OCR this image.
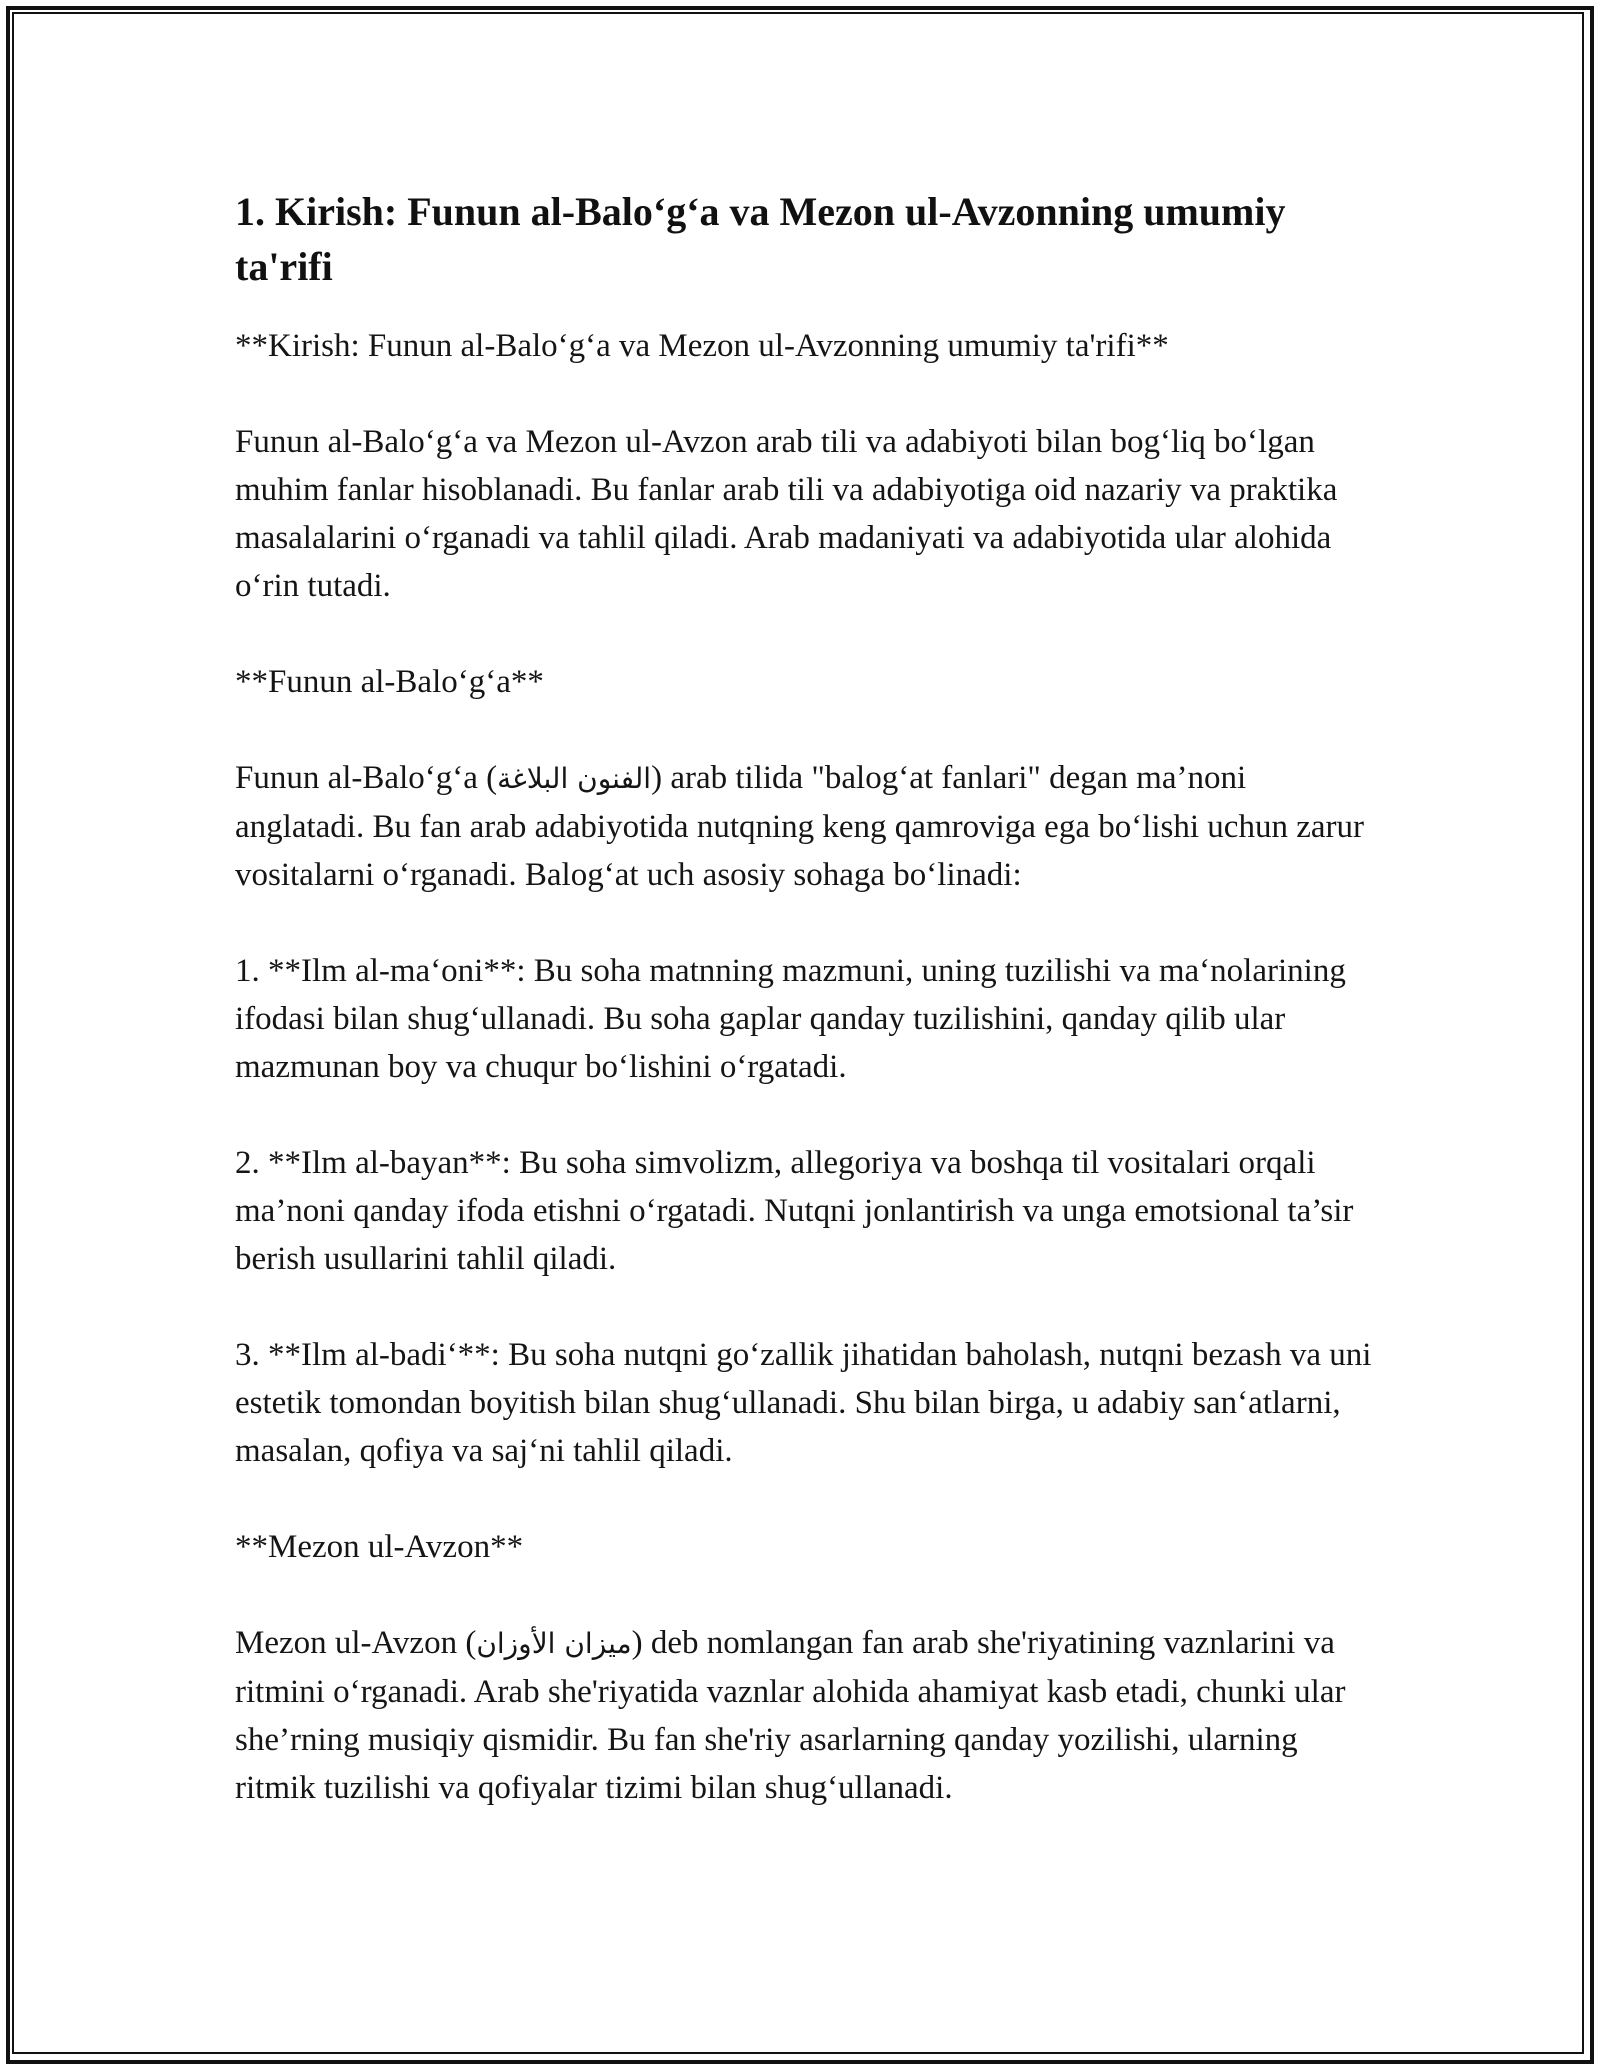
1. Kirish: Funun al-Balo‘g‘a va Mezon ul-Avzonning umumiy ta'rifi

**Kirish: Funun al-Balo‘g‘a va Mezon ul-Avzonning umumiy ta'rifi**

Funun al-Balo‘g‘a va Mezon ul-Avzon arab tili va adabiyoti bilan bog‘liq bo‘lgan muhim fanlar hisoblanadi. Bu fanlar arab tili va adabiyotiga oid nazariy va praktika masalalarini o‘rganadi va tahlil qiladi. Arab madaniyati va adabiyotida ular alohida o‘rin tutadi.

**Funun al-Balo‘g‘a**

Funun al-Balo‘g‘a (الفنون البلاغة) arab tilida "balog‘at fanlari" degan ma’noni anglatadi. Bu fan arab adabiyotida nutqning keng qamroviga ega bo‘lishi uchun zarur vositalarni o‘rganadi. Balog‘at uch asosiy sohaga bo‘linadi:

1. **Ilm al-ma‘oni**: Bu soha matnning mazmuni, uning tuzilishi va ma‘nolarining ifodasi bilan shug‘ullanadi. Bu soha gaplar qanday tuzilishini, qanday qilib ular mazmunan boy va chuqur bo‘lishini o‘rgatadi.

2. **Ilm al-bayan**: Bu soha simvolizm, allegoriya va boshqa til vositalari orqali ma’noni qanday ifoda etishni o‘rgatadi. Nutqni jonlantirish va unga emotsional ta’sir berish usullarini tahlil qiladi.

3. **Ilm al-badi‘**: Bu soha nutqni go‘zallik jihatidan baholash, nutqni bezash va uni estetik tomondan boyitish bilan shug‘ullanadi. Shu bilan birga, u adabiy san‘atlarni, masalan, qofiya va saj‘ni tahlil qiladi.

**Mezon ul-Avzon**

Mezon ul-Avzon (ميزان الأوزان) deb nomlangan fan arab she'riyatining vaznlarini va ritmini o‘rganadi. Arab she'riyatida vaznlar alohida ahamiyat kasb etadi, chunki ular she’rning musiqiy qismidir. Bu fan she'riy asarlarning qanday yozilishi, ularning ritmik tuzilishi va qofiyalar tizimi bilan shug‘ullanadi.
